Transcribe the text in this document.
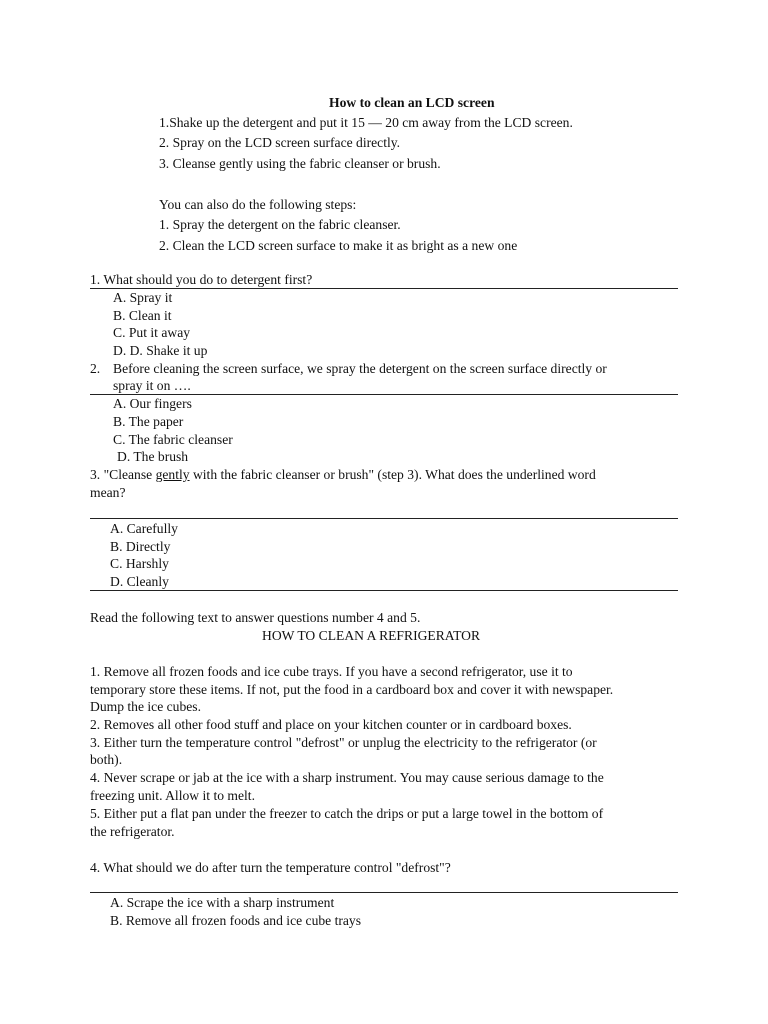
How to clean an LCD screen
1.Shake up the detergent and put it 15 — 20 cm away from the LCD screen.
2. Spray on the LCD screen surface directly.
3. Cleanse gently using the fabric cleanser or brush.
You can also do the following steps:
1. Spray the detergent on the fabric cleanser.
2. Clean the LCD screen surface to make it as bright as a new one
1. What should you do to detergent first?
A. Spray it
B. Clean it
C. Put it away
D. D. Shake it up
2. Before cleaning the screen surface, we spray the detergent on the screen surface directly or
spray it on ….
A. Our fingers
B. The paper
C. The fabric cleanser
D. The brush
3. "Cleanse gently with the fabric cleanser or brush" (step 3). What does the underlined word
mean?
A. Carefully
B. Directly
C. Harshly
D. Cleanly
Read the following text to answer questions number 4 and 5.
HOW TO CLEAN A REFRIGERATOR
1. Remove all frozen foods and ice cube trays. If you have a second refrigerator, use it to
temporary store these items. If not, put the food in a cardboard box and cover it with newspaper.
Dump the ice cubes.
2. Removes all other food stuff and place on your kitchen counter or in cardboard boxes.
3. Either turn the temperature control "defrost" or unplug the electricity to the refrigerator (or
both).
4. Never scrape or jab at the ice with a sharp instrument. You may cause serious damage to the
freezing unit. Allow it to melt.
5. Either put a flat pan under the freezer to catch the drips or put a large towel in the bottom of
the refrigerator.
4. What should we do after turn the temperature control "defrost"?
A. Scrape the ice with a sharp instrument
B. Remove all frozen foods and ice cube trays
